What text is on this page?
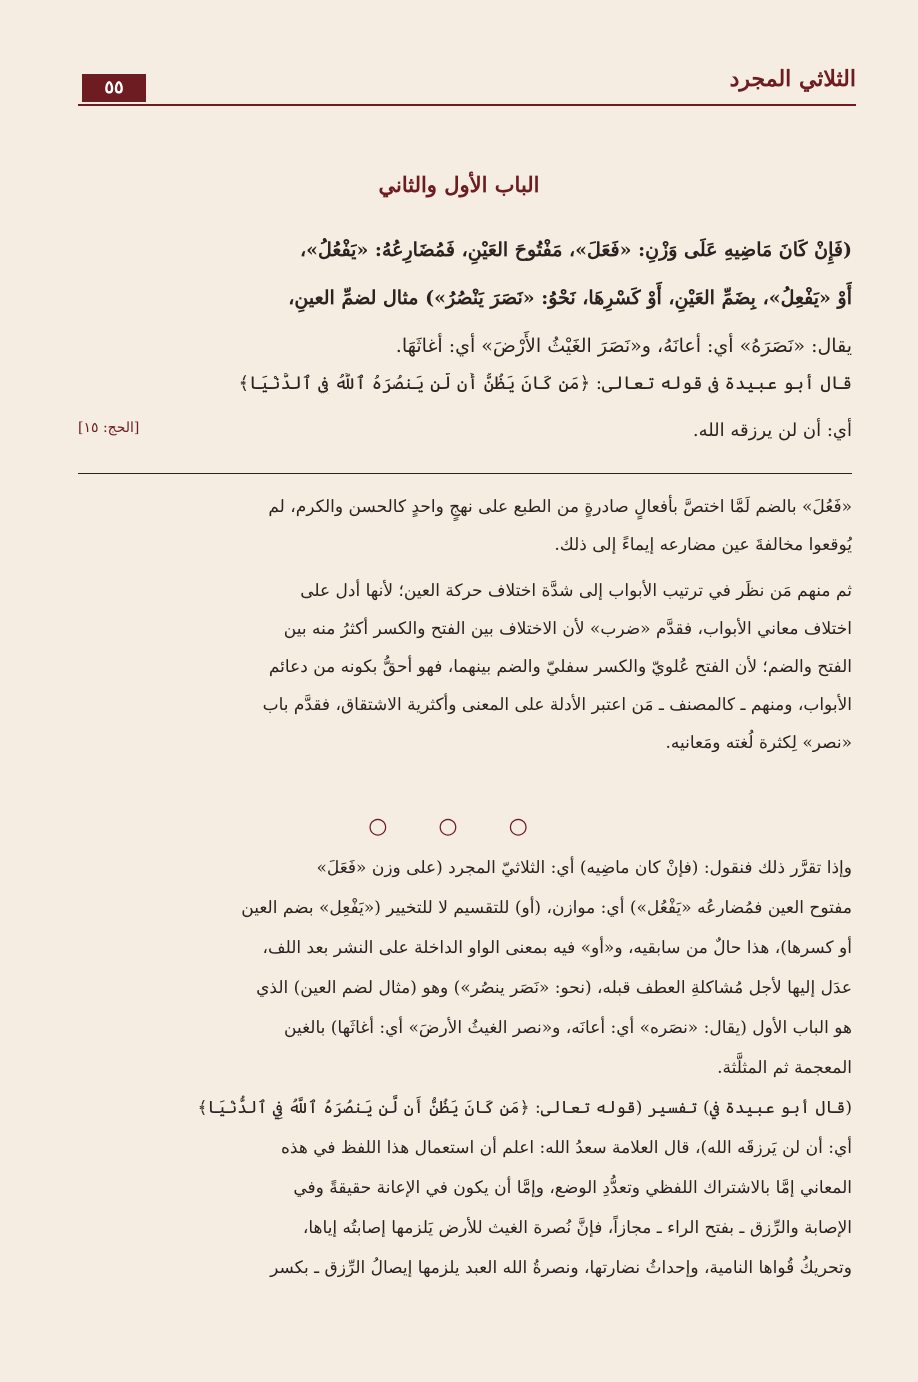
الثلاثي المجرد
٥٥
الباب الأول والثاني
(فَإِنْ كَانَ مَاضِيهِ عَلَى وَزْنِ: «فَعَلَ»، مَفْتُوحَ العَيْنِ، فَمُضَارِعُهُ: «يَفْعُلُ»،
أَوْ «يَفْعِلُ»، بِضَمِّ العَيْنِ، أَوْ كَسْرِهَا، نَحْوُ: «نَصَرَ يَنْصُرُ») مثال لضمِّ العينِ،
يقال: «نَصَرَهُ» أي: أعانَهُ، و«نَصَرَ الغَيْثُ الأَرْضَ» أي: أغاثَهَا.
قال أبو عبيدة في قوله تعالى: ﴿مَن كَانَ يَظُنُّ أَن لَّن يَنصُرَهُ ٱللَّهُ فِي ٱلدُّنْيَا﴾
أي: أن لن يرزقه الله.
[الحج: ١٥]
«فَعُلَ» بالضم لَمَّا اختصَّ بأفعالٍ صادرةٍ من الطبع على نهجٍ واحدٍ كالحسن والكرم، لم
يُوقعوا مخالفةَ عين مضارعه إيماءً إلى ذلك.
ثم منهم مَن نظَر في ترتيب الأبواب إلى شدَّة اختلاف حركة العين؛ لأنها أدل على
اختلاف معاني الأبواب، فقدَّم «ضرب» لأن الاختلاف بين الفتح والكسر أكثرُ منه بين
الفتح والضم؛ لأن الفتح عُلويّ والكسر سفليّ والضم بينهما، فهو أحقُّ بكونه من دعائم
الأبواب، ومنهم ـ كالمصنف ـ مَن اعتبر الأدلة على المعنى وأكثرية الاشتقاق، فقدَّم باب
«نصر» لِكثرة لُغته ومَعانيه.
○ ○ ○
وإذا تقرَّر ذلك فنقول: (فإنْ كان ماضِيه) أي: الثلاثيّ المجرد (على وزن «فَعَلَ»
مفتوح العين فمُضارعُه «يَفْعُل») أي: موازن، (أو) للتقسيم لا للتخيير («يَفْعِل» بضم العين
أو كسرها)، هذا حالٌ من سابقيه، و«أو» فيه بمعنى الواو الداخلة على النشر بعد اللف،
عدَل إليها لأجل مُشاكلةِ العطف قبله، (نحو: «نَصَر ينصُر») وهو (مثال لضم العين) الذي
هو الباب الأول (يقال: «نصَره» أي: أعانَه، و«نصر الغيثُ الأرضَ» أي: أغاثَها) بالغين
المعجمة ثم المثلَّثة.
(قال أبو عبيدة في) تفسير (قوله تعالى: ﴿مَن كَانَ يَظُنُّ أَن لَّن يَنصُرَهُ ٱللَّهُ فِي ٱلدُّنْيَا﴾
أي: أن لن يَرزقَه الله)، قال العلامة سعدُ الله: اعلم أن استعمال هذا اللفظ في هذه
المعاني إمَّا بالاشتراك اللفظي وتعدُّدِ الوضع، وإمَّا أن يكون في الإعانة حقيقةً وفي
الإصابة والرِّزق ـ بفتح الراء ـ مجازاً، فإنَّ نُصرة الغيث للأرض يَلزمها إصابتُه إياها،
وتحريكُ قُواها النامية، وإحداثُ نضارتها، ونصرةُ الله العبد يلزمها إيصالُ الرِّزق ـ بكسر
